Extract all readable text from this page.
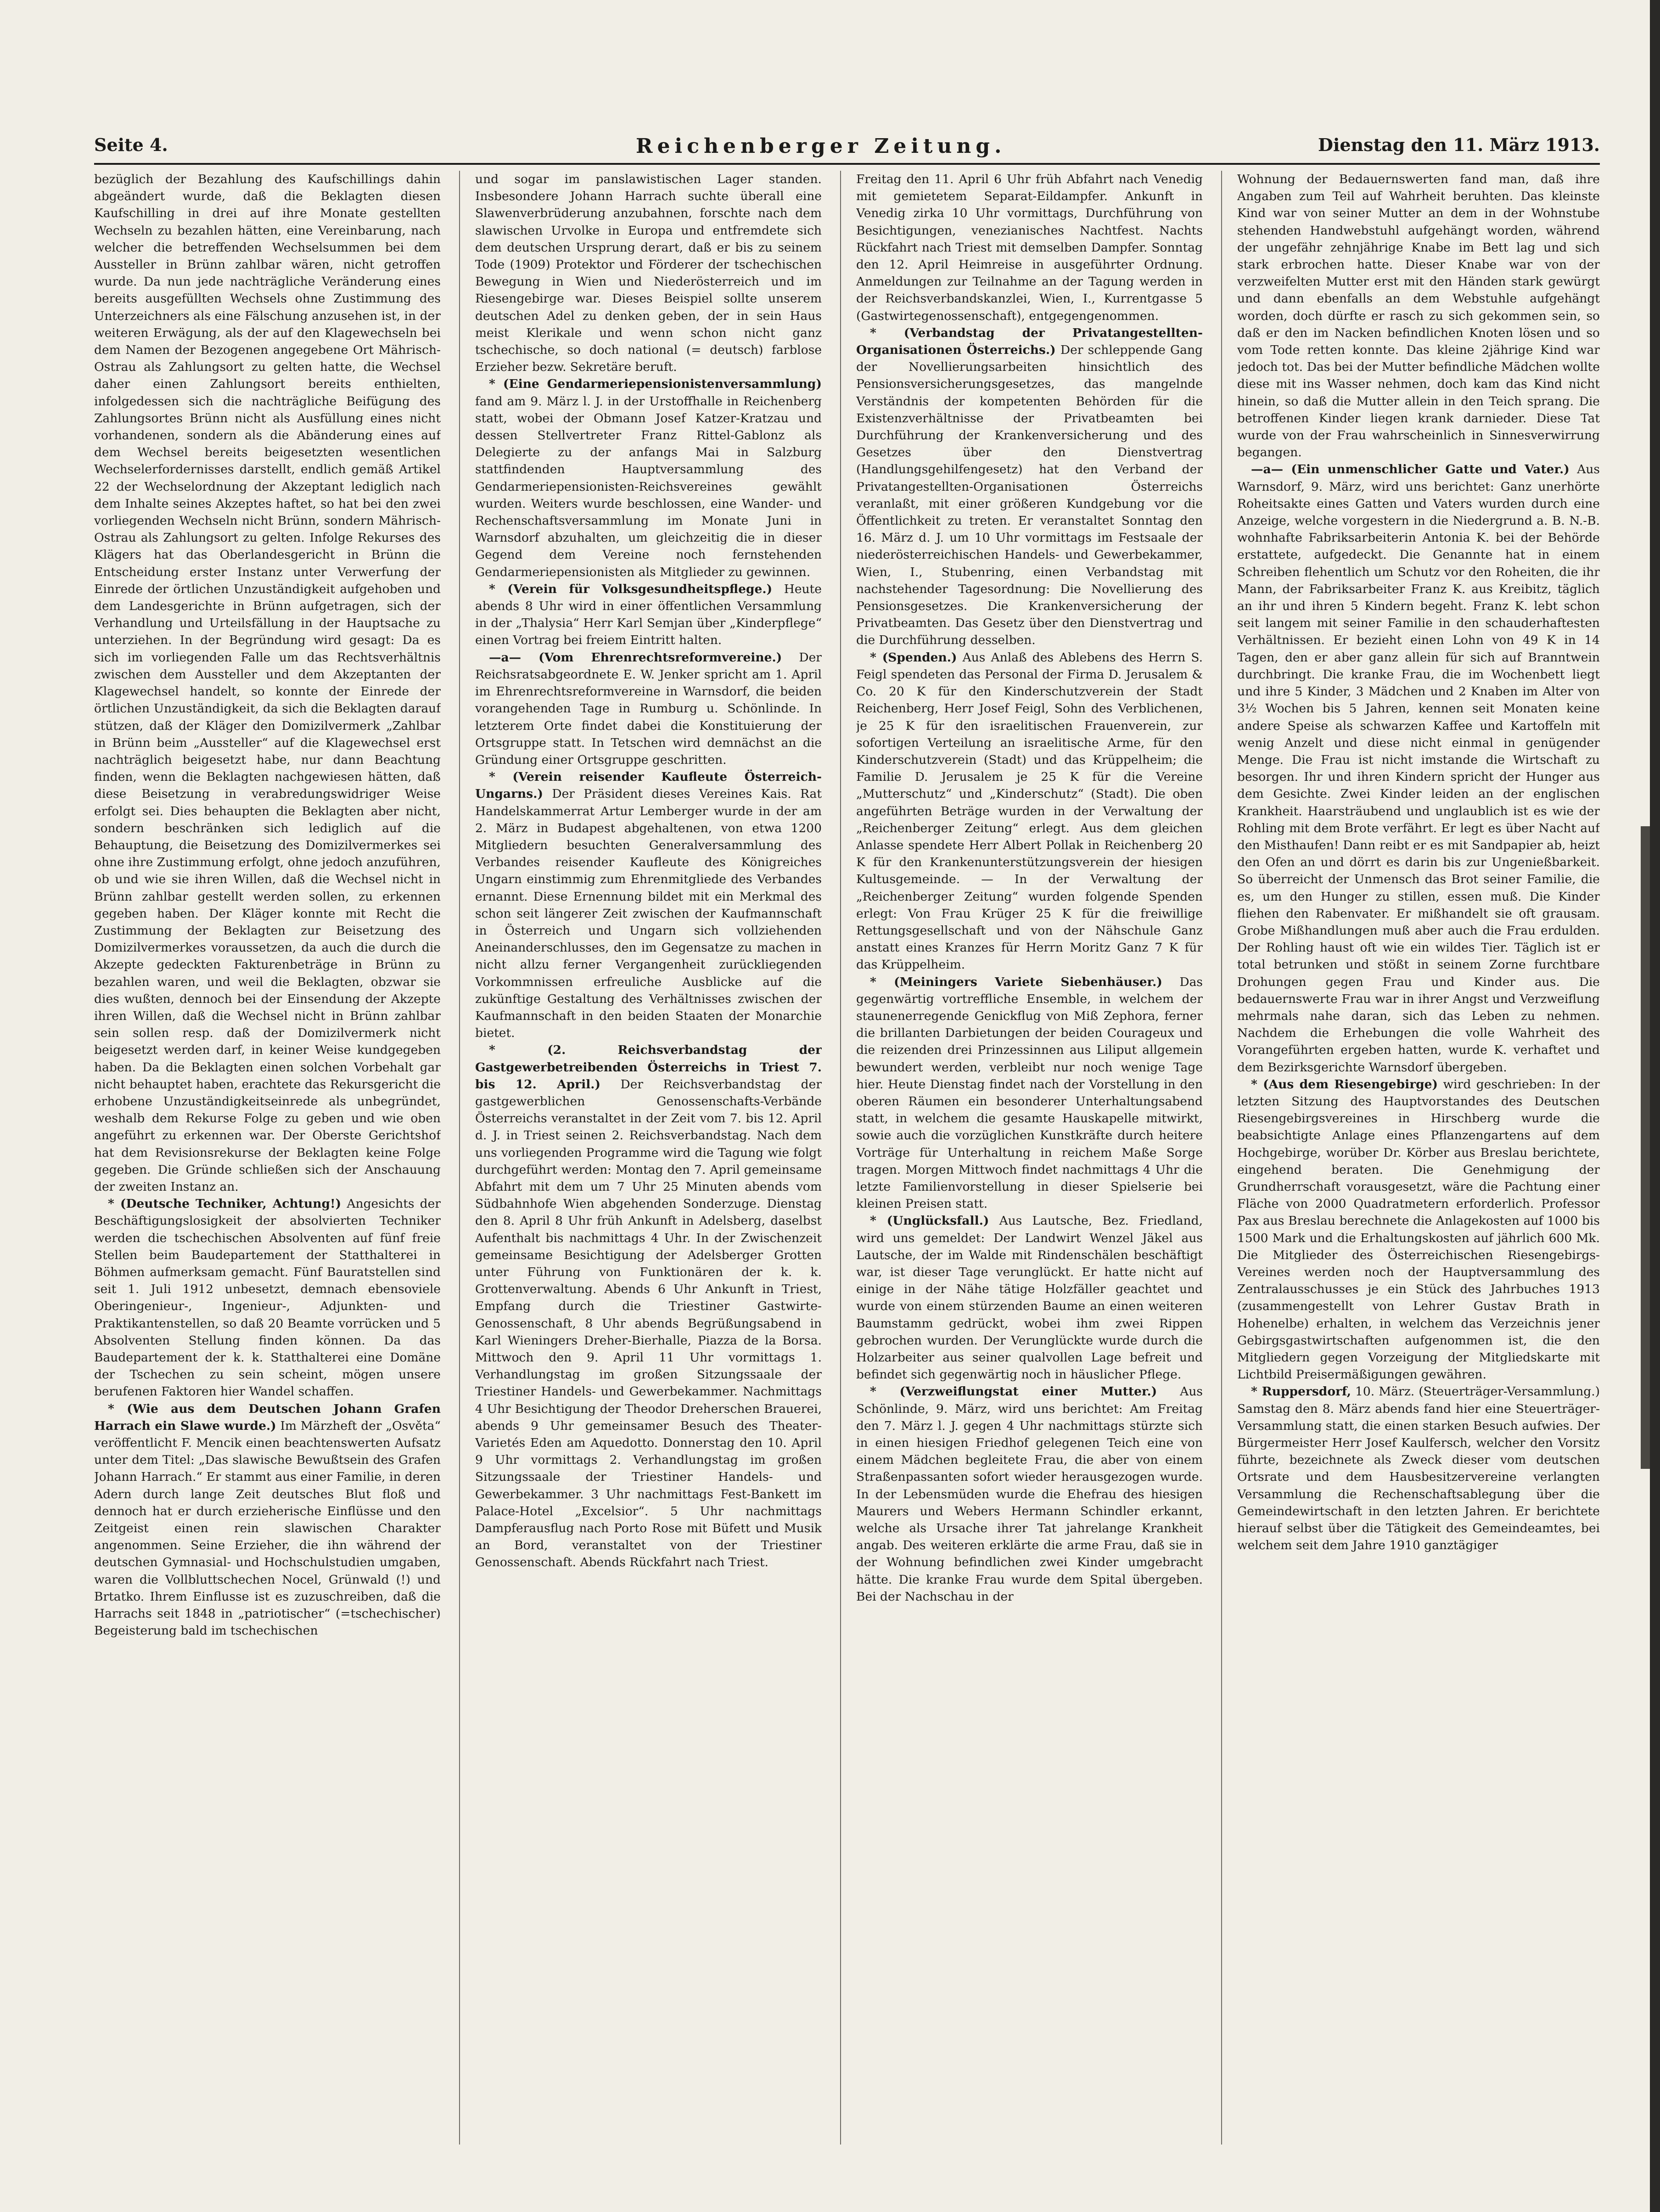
Seite 4.	Reichenberger Zeitung.	Dienstag den 11. März 1913.

bezüglich der Bezahlung des Kaufschillings dahin abgeändert wurde, daß die Beklagten diesen Kaufschilling in drei auf ihre Monate gestellten Wechseln zu bezahlen hätten, eine Vereinbarung, nach welcher die betreffenden Wechselsummen bei dem Aussteller in Brünn zahlbar wären, nicht getroffen wurde. Da nun jede nachträgliche Veränderung eines bereits ausgefüllten Wechsels ohne Zustimmung des Unterzeichners als eine Fälschung anzusehen ist, in der weiteren Erwägung, als der auf den Klagewechseln bei dem Namen der Bezogenen angegebene Ort Mährisch-Ostrau als Zahlungsort zu gelten hatte, die Wechsel daher einen Zahlungsort bereits enthielten, infolgedessen sich die nachträgliche Beifügung des Zahlungsortes Brünn nicht als Ausfüllung eines nicht vorhandenen, sondern als die Abänderung eines auf dem Wechsel bereits beigesetzten wesentlichen Wechselerfordernisses darstellt, endlich gemäß Artikel 22 der Wechselordnung der Akzeptant lediglich nach dem Inhalte seines Akzeptes haftet, so hat bei den zwei vorliegenden Wechseln nicht Brünn, sondern Mährisch-Ostrau als Zahlungsort zu gelten. Infolge Rekurses des Klägers hat das Oberlandesgericht in Brünn die Entscheidung erster Instanz unter Verwerfung der Einrede der örtlichen Unzuständigkeit aufgehoben und dem Landesgerichte in Brünn aufgetragen, sich der Verhandlung und Urteilsfällung in der Hauptsache zu unterziehen. In der Begründung wird gesagt: Da es sich im vorliegenden Falle um das Rechtsverhältnis zwischen dem Aussteller und dem Akzeptanten der Klagewechsel handelt, so konnte der Einrede der örtlichen Unzuständigkeit, da sich die Beklagten darauf stützen, daß der Kläger den Domizilvermerk „Zahlbar in Brünn beim „Aussteller“ auf die Klagewechsel erst nachträglich beigesetzt habe, nur dann Beachtung finden, wenn die Beklagten nachgewiesen hätten, daß diese Beisetzung in verabredungswidriger Weise erfolgt sei. Dies behaupten die Beklagten aber nicht, sondern beschränken sich lediglich auf die Behauptung, die Beisetzung des Domizilvermerkes sei ohne ihre Zustimmung erfolgt, ohne jedoch anzuführen, ob und wie sie ihren Willen, daß die Wechsel nicht in Brünn zahlbar gestellt werden sollen, zu erkennen gegeben haben. Der Kläger konnte mit Recht die Zustimmung der Beklagten zur Beisetzung des Domizilvermerkes voraussetzen, da auch die durch die Akzepte gedeckten Fakturenbeträge in Brünn zu bezahlen waren, und weil die Beklagten, obzwar sie dies wußten, dennoch bei der Einsendung der Akzepte ihren Willen, daß die Wechsel nicht in Brünn zahlbar sein sollen resp. daß der Domizilvermerk nicht beigesetzt werden darf, in keiner Weise kundgegeben haben. Da die Beklagten einen solchen Vorbehalt gar nicht behauptet haben, erachtete das Rekursgericht die erhobene Unzuständigkeitseinrede als unbegründet, weshalb dem Rekurse Folge zu geben und wie oben angeführt zu erkennen war. Der Oberste Gerichtshof hat dem Revisionsrekurse der Beklagten keine Folge gegeben. Die Gründe schließen sich der Anschauung der zweiten Instanz an.

* (Deutsche Techniker, Achtung!) Angesichts der Beschäftigungslosigkeit der absolvierten Techniker werden die tschechischen Absolventen auf fünf freie Stellen beim Baudepartement der Statthalterei in Böhmen aufmerksam gemacht. Fünf Bauratstellen sind seit 1. Juli 1912 unbesetzt, demnach ebensoviele Oberingenieur-, Ingenieur-, Adjunkten- und Praktikantenstellen, so daß 20 Beamte vorrücken und 5 Absolventen Stellung finden können. Da das Baudepartement der k. k. Statthalterei eine Domäne der Tschechen zu sein scheint, mögen unsere berufenen Faktoren hier Wandel schaffen.

* (Wie aus dem Deutschen Johann Grafen Harrach ein Slawe wurde.) Im Märzheft der „Osvěta“ veröffentlicht F. Mencik einen beachtenswerten Aufsatz unter dem Titel: „Das slawische Bewußtsein des Grafen Johann Harrach.“ Er stammt aus einer Familie, in deren Adern durch lange Zeit deutsches Blut floß und dennoch hat er durch erzieherische Einflüsse und den Zeitgeist einen rein slawischen Charakter angenommen. Seine Erzieher, die ihn während der deutschen Gymnasial- und Hochschulstudien umgaben, waren die Vollbluttschechen Nocel, Grünwald (!) und Brtatko. Ihrem Einflusse ist es zuzuschreiben, daß die Harrachs seit 1848 in „patriotischer“ (=tschechischer) Begeisterung bald im tschechischen

und sogar im panslawistischen Lager standen. Insbesondere Johann Harrach suchte überall eine Slawenverbrüderung anzubahnen, forschte nach dem slawischen Urvolke in Europa und entfremdete sich dem deutschen Ursprung derart, daß er bis zu seinem Tode (1909) Protektor und Förderer der tschechischen Bewegung in Wien und Niederösterreich und im Riesengebirge war. Dieses Beispiel sollte unserem deutschen Adel zu denken geben, der in sein Haus meist Klerikale und wenn schon nicht ganz tschechische, so doch national (= deutsch) farblose Erzieher bezw. Sekretäre beruft.

* (Eine Gendarmeriepensionistenversammlung) fand am 9. März l. J. in der Urstoffhalle in Reichenberg statt, wobei der Obmann Josef Katzer-Kratzau und dessen Stellvertreter Franz Rittel-Gablonz als Delegierte zu der anfangs Mai in Salzburg stattfindenden Hauptversammlung des Gendarmeriepensionisten-Reichsvereines gewählt wurden. Weiters wurde beschlossen, eine Wander- und Rechenschaftsversammlung im Monate Juni in Warnsdorf abzuhalten, um gleichzeitig die in dieser Gegend dem Vereine noch fernstehenden Gendarmeriepensionisten als Mitglieder zu gewinnen.

* (Verein für Volksgesundheitspflege.) Heute abends 8 Uhr wird in einer öffentlichen Versammlung in der „Thalysia“ Herr Karl Semjan über „Kinderpflege“ einen Vortrag bei freiem Eintritt halten.

—a— (Vom Ehrenrechtsreformvereine.) Der Reichsratsabgeordnete E. W. Jenker spricht am 1. April im Ehrenrechtsreformvereine in Warnsdorf, die beiden vorangehenden Tage in Rumburg u. Schönlinde. In letzterem Orte findet dabei die Konstituierung der Ortsgruppe statt. In Tetschen wird demnächst an die Gründung einer Ortsgruppe geschritten.

* (Verein reisender Kaufleute Österreich-Ungarns.) Der Präsident dieses Vereines Kais. Rat Handelskammerrat Artur Lemberger wurde in der am 2. März in Budapest abgehaltenen, von etwa 1200 Mitgliedern besuchten Generalversammlung des Verbandes reisender Kaufleute des Königreiches Ungarn einstimmig zum Ehrenmitgliede des Verbandes ernannt. Diese Ernennung bildet mit ein Merkmal des schon seit längerer Zeit zwischen der Kaufmannschaft in Österreich und Ungarn sich vollziehenden Aneinanderschlusses, den im Gegensatze zu machen in nicht allzu ferner Vergangenheit zurückliegenden Vorkommnissen erfreuliche Ausblicke auf die zukünftige Gestaltung des Verhältnisses zwischen der Kaufmannschaft in den beiden Staaten der Monarchie bietet.

* (2. Reichsverbandstag der Gastgewerbetreibenden Österreichs in Triest 7. bis 12. April.) Der Reichsverbandstag der gastgewerblichen Genossenschafts-Verbände Österreichs veranstaltet in der Zeit vom 7. bis 12. April d. J. in Triest seinen 2. Reichsverbandstag. Nach dem uns vorliegenden Programme wird die Tagung wie folgt durchgeführt werden: Montag den 7. April gemeinsame Abfahrt mit dem um 7 Uhr 25 Minuten abends vom Südbahnhofe Wien abgehenden Sonderzuge. Dienstag den 8. April 8 Uhr früh Ankunft in Adelsberg, daselbst Aufenthalt bis nachmittags 4 Uhr. In der Zwischenzeit gemeinsame Besichtigung der Adelsberger Grotten unter Führung von Funktionären der k. k. Grottenverwaltung. Abends 6 Uhr Ankunft in Triest, Empfang durch die Triestiner Gastwirte-Genossenschaft, 8 Uhr abends Begrüßungsabend in Karl Wieningers Dreher-Bierhalle, Piazza de la Borsa. Mittwoch den 9. April 11 Uhr vormittags 1. Verhandlungstag im großen Sitzungssaale der Triestiner Handels- und Gewerbekammer. Nachmittags 4 Uhr Besichtigung der Theodor Dreherschen Brauerei, abends 9 Uhr gemeinsamer Besuch des Theater-Varietés Eden am Aquedotto. Donnerstag den 10. April 9 Uhr vormittags 2. Verhandlungstag im großen Sitzungssaale der Triestiner Handels- und Gewerbekammer. 3 Uhr nachmittags Fest-Bankett im Palace-Hotel „Excelsior“. 5 Uhr nachmittags Dampferausflug nach Porto Rose mit Büfett und Musik an Bord, veranstaltet von der Triestiner Genossenschaft. Abends Rückfahrt nach Triest.

Freitag den 11. April 6 Uhr früh Abfahrt nach Venedig mit gemietetem Separat-Eildampfer. Ankunft in Venedig zirka 10 Uhr vormittags, Durchführung von Besichtigungen, venezianisches Nachtfest. Nachts Rückfahrt nach Triest mit demselben Dampfer. Sonntag den 12. April Heimreise in ausgeführter Ordnung. Anmeldungen zur Teilnahme an der Tagung werden in der Reichsverbandskanzlei, Wien, I., Kurrentgasse 5 (Gastwirtegenossenschaft), entgegengenommen.

* (Verbandstag der Privatangestellten-Organisationen Österreichs.) Der schleppende Gang der Novellierungsarbeiten hinsichtlich des Pensionsversicherungsgesetzes, das mangelnde Verständnis der kompetenten Behörden für die Existenzverhältnisse der Privatbeamten bei Durchführung der Krankenversicherung und des Gesetzes über den Dienstvertrag (Handlungsgehilfengesetz) hat den Verband der Privatangestellten-Organisationen Österreichs veranlaßt, mit einer größeren Kundgebung vor die Öffentlichkeit zu treten. Er veranstaltet Sonntag den 16. März d. J. um 10 Uhr vormittags im Festsaale der niederösterreichischen Handels- und Gewerbekammer, Wien, I., Stubenring, einen Verbandstag mit nachstehender Tagesordnung: Die Novellierung des Pensionsgesetzes. Die Krankenversicherung der Privatbeamten. Das Gesetz über den Dienstvertrag und die Durchführung desselben.

* (Spenden.) Aus Anlaß des Ablebens des Herrn S. Feigl spendeten das Personal der Firma D. Jerusalem & Co. 20 K für den Kinderschutzverein der Stadt Reichenberg, Herr Josef Feigl, Sohn des Verblichenen, je 25 K für den israelitischen Frauenverein, zur sofortigen Verteilung an israelitische Arme, für den Kinderschutzverein (Stadt) und das Krüppelheim; die Familie D. Jerusalem je 25 K für die Vereine „Mutterschutz“ und „Kinderschutz“ (Stadt). Die oben angeführten Beträge wurden in der Verwaltung der „Reichenberger Zeitung“ erlegt. Aus dem gleichen Anlasse spendete Herr Albert Pollak in Reichenberg 20 K für den Krankenunterstützungsverein der hiesigen Kultusgemeinde. — In der Verwaltung der „Reichenberger Zeitung“ wurden folgende Spenden erlegt: Von Frau Krüger 25 K für die freiwillige Rettungsgesellschaft und von der Nähschule Ganz anstatt eines Kranzes für Herrn Moritz Ganz 7 K für das Krüppelheim.

* (Meiningers Variete Siebenhäuser.) Das gegenwärtig vortreffliche Ensemble, in welchem der staunenerregende Genickflug von Miß Zephora, ferner die brillanten Darbietungen der beiden Courageux und die reizenden drei Prinzessinnen aus Liliput allgemein bewundert werden, verbleibt nur noch wenige Tage hier. Heute Dienstag findet nach der Vorstellung in den oberen Räumen ein besonderer Unterhaltungsabend statt, in welchem die gesamte Hauskapelle mitwirkt, sowie auch die vorzüglichen Kunstkräfte durch heitere Vorträge für Unterhaltung in reichem Maße Sorge tragen. Morgen Mittwoch findet nachmittags 4 Uhr die letzte Familienvorstellung in dieser Spielserie bei kleinen Preisen statt.

* (Unglücksfall.) Aus Lautsche, Bez. Friedland, wird uns gemeldet: Der Landwirt Wenzel Jäkel aus Lautsche, der im Walde mit Rindenschälen beschäftigt war, ist dieser Tage verunglückt. Er hatte nicht auf einige in der Nähe tätige Holzfäller geachtet und wurde von einem stürzenden Baume an einen weiteren Baumstamm gedrückt, wobei ihm zwei Rippen gebrochen wurden. Der Verunglückte wurde durch die Holzarbeiter aus seiner qualvollen Lage befreit und befindet sich gegenwärtig noch in häuslicher Pflege.

* (Verzweiflungstat einer Mutter.) Aus Schönlinde, 9. März, wird uns berichtet: Am Freitag den 7. März l. J. gegen 4 Uhr nachmittags stürzte sich in einen hiesigen Friedhof gelegenen Teich eine von einem Mädchen begleitete Frau, die aber von einem Straßenpassanten sofort wieder herausgezogen wurde. In der Lebensmüden wurde die Ehefrau des hiesigen Maurers und Webers Hermann Schindler erkannt, welche als Ursache ihrer Tat jahrelange Krankheit angab. Des weiteren erklärte die arme Frau, daß sie in der Wohnung befindlichen zwei Kinder umgebracht hätte. Die kranke Frau wurde dem Spital übergeben. Bei der Nachschau in der

Wohnung der Bedauernswerten fand man, daß ihre Angaben zum Teil auf Wahrheit beruhten. Das kleinste Kind war von seiner Mutter an dem in der Wohnstube stehenden Handwebstuhl aufgehängt worden, während der ungefähr zehnjährige Knabe im Bett lag und sich stark erbrochen hatte. Dieser Knabe war von der verzweifelten Mutter erst mit den Händen stark gewürgt und dann ebenfalls an dem Webstuhle aufgehängt worden, doch dürfte er rasch zu sich gekommen sein, so daß er den im Nacken befindlichen Knoten lösen und so vom Tode retten konnte. Das kleine 2jährige Kind war jedoch tot. Das bei der Mutter befindliche Mädchen wollte diese mit ins Wasser nehmen, doch kam das Kind nicht hinein, so daß die Mutter allein in den Teich sprang. Die betroffenen Kinder liegen krank darnieder. Diese Tat wurde von der Frau wahrscheinlich in Sinnesverwirrung begangen.

—a— (Ein unmenschlicher Gatte und Vater.) Aus Warnsdorf, 9. März, wird uns berichtet: Ganz unerhörte Roheitsakte eines Gatten und Vaters wurden durch eine Anzeige, welche vorgestern in die Niedergrund a. B. N.-B. wohnhafte Fabriksarbeiterin Antonia K. bei der Behörde erstattete, aufgedeckt. Die Genannte hat in einem Schreiben flehentlich um Schutz vor den Roheiten, die ihr Mann, der Fabriksarbeiter Franz K. aus Kreibitz, täglich an ihr und ihren 5 Kindern begeht. Franz K. lebt schon seit langem mit seiner Familie in den schauderhaftesten Verhältnissen. Er bezieht einen Lohn von 49 K in 14 Tagen, den er aber ganz allein für sich auf Branntwein durchbringt. Die kranke Frau, die im Wochenbett liegt und ihre 5 Kinder, 3 Mädchen und 2 Knaben im Alter von 3½ Wochen bis 5 Jahren, kennen seit Monaten keine andere Speise als schwarzen Kaffee und Kartoffeln mit wenig Anzelt und diese nicht einmal in genügender Menge. Die Frau ist nicht imstande die Wirtschaft zu besorgen. Ihr und ihren Kindern spricht der Hunger aus dem Gesichte. Zwei Kinder leiden an der englischen Krankheit. Haarsträubend und unglaublich ist es wie der Rohling mit dem Brote verfährt. Er legt es über Nacht auf den Misthaufen! Dann reibt er es mit Sandpapier ab, heizt den Ofen an und dörrt es darin bis zur Ungenießbarkeit. So überreicht der Unmensch das Brot seiner Familie, die es, um den Hunger zu stillen, essen muß. Die Kinder fliehen den Rabenvater. Er mißhandelt sie oft grausam. Grobe Mißhandlungen muß aber auch die Frau erdulden. Der Rohling haust oft wie ein wildes Tier. Täglich ist er total betrunken und stößt in seinem Zorne furchtbare Drohungen gegen Frau und Kinder aus. Die bedauernswerte Frau war in ihrer Angst und Verzweiflung mehrmals nahe daran, sich das Leben zu nehmen. Nachdem die Erhebungen die volle Wahrheit des Vorangeführten ergeben hatten, wurde K. verhaftet und dem Bezirksgerichte Warnsdorf übergeben.

* (Aus dem Riesengebirge) wird geschrieben: In der letzten Sitzung des Hauptvorstandes des Deutschen Riesengebirgsvereines in Hirschberg wurde die beabsichtigte Anlage eines Pflanzengartens auf dem Hochgebirge, worüber Dr. Körber aus Breslau berichtete, eingehend beraten. Die Genehmigung der Grundherrschaft vorausgesetzt, wäre die Pachtung einer Fläche von 2000 Quadratmetern erforderlich. Professor Pax aus Breslau berechnete die Anlagekosten auf 1000 bis 1500 Mark und die Erhaltungskosten auf jährlich 600 Mk. Die Mitglieder des Österreichischen Riesengebirgs-Vereines werden noch der Hauptversammlung des Zentralausschusses je ein Stück des Jahrbuches 1913 (zusammengestellt von Lehrer Gustav Brath in Hohenelbe) erhalten, in welchem das Verzeichnis jener Gebirgsgastwirtschaften aufgenommen ist, die den Mitgliedern gegen Vorzeigung der Mitgliedskarte mit Lichtbild Preisermäßigungen gewähren.

* Ruppersdorf, 10. März. (Steuerträger-Versammlung.) Samstag den 8. März abends fand hier eine Steuerträger-Versammlung statt, die einen starken Besuch aufwies. Der Bürgermeister Herr Josef Kaulfersch, welcher den Vorsitz führte, bezeichnete als Zweck dieser vom deutschen Ortsrate und dem Hausbesitzervereine verlangten Versammlung die Rechenschaftsablegung über die Gemeindewirtschaft in den letzten Jahren. Er berichtete hierauf selbst über die Tätigkeit des Gemeindeamtes, bei welchem seit dem Jahre 1910 ganztägiger
